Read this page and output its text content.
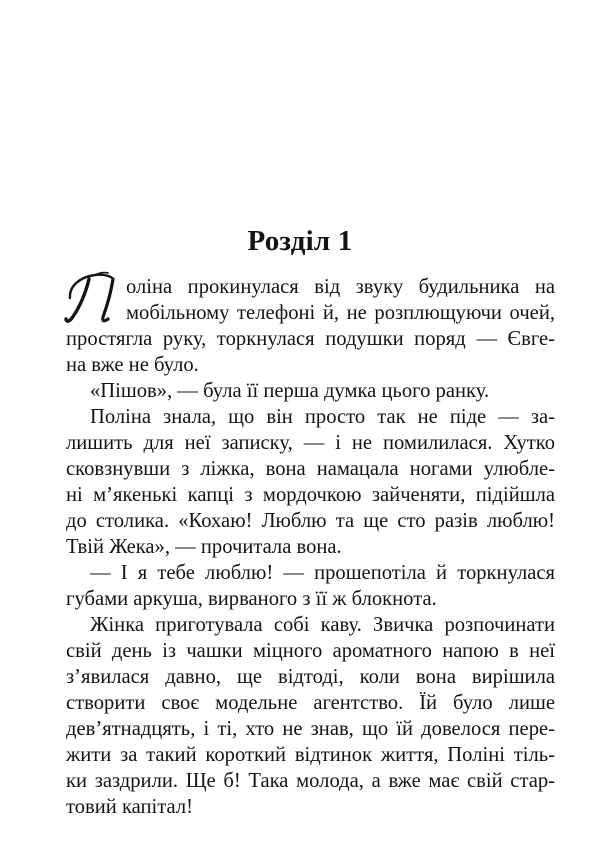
Розділ 1
оліна прокинулася від звуку будильника на
мобільному телефоні й, не розплющуючи очей,
простягла руку, торкнулася подушки поряд — Євге-
на вже не було.
«Пішов», — була її перша думка цього ранку.
Поліна знала, що він просто так не піде — за-
лишить для неї записку, — і не помилилася. Хутко
сковзнувши з ліжка, вона намацала ногами улюбле-
ні м’якенькі капці з мордочкою зайченяти, підійшла
до столика. «Кохаю! Люблю та ще сто разів люблю!
Твій Жека», — прочитала вона.
— І я тебе люблю! — прошепотіла й торкнулася
губами аркуша, вирваного з її ж блокнота.
Жінка приготувала собі каву. Звичка розпочинати
свій день із чашки міцного ароматного напою в неї
з’явилася давно, ще відтоді, коли вона вирішила
створити своє модельне агентство. Їй було лише
дев’ятнадцять, і ті, хто не знав, що їй довелося пере-
жити за такий короткий відтинок життя, Поліні тіль-
ки заздрили. Ще б! Така молода, а вже має свій стар-
товий капітал!
